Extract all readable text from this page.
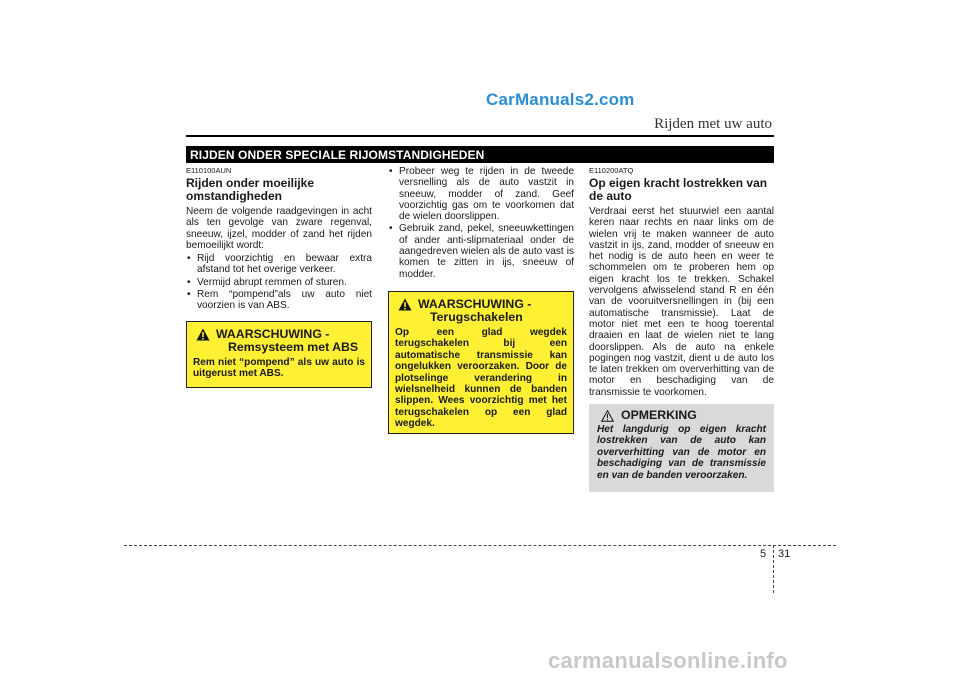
CarManuals2.com
Rijden met uw auto
RIJDEN ONDER SPECIALE RIJOMSTANDIGHEDEN
E110100AUN
Rijden onder moeilijke omstandigheden
Neem de volgende raadgevingen in acht als ten gevolge van zware regenval, sneeuw, ijzel, modder of zand het rijden bemoeilijkt wordt:
• Rijd voorzichtig en bewaar extra afstand tot het overige verkeer.
• Vermijd abrupt remmen of sturen.
• Rem “pompend”als uw auto niet voorzien is van ABS.
WAARSCHUWING -
Remsysteem met ABS
Rem niet “pompend” als uw auto is uitgerust met ABS.
• Probeer weg te rijden in de tweede versnelling als de auto vastzit in sneeuw, modder of zand. Geef voorzichtig gas om te voorkomen dat de wielen doorslippen.
• Gebruik zand, pekel, sneeuwkettingen of ander anti-slipmateriaal onder de aangedreven wielen als de auto vast is komen te zitten in ijs, sneeuw of modder.
WAARSCHUWING -
Terugschakelen
Op een glad wegdek terugschakelen bij een automatische transmissie kan ongelukken veroorzaken. Door de plotselinge verandering in wielsnelheid kunnen de banden slippen. Wees voorzichtig met het terugschakelen op een glad wegdek.
E110200ATQ
Op eigen kracht lostrekken van de auto
Verdraai eerst het stuurwiel een aantal keren naar rechts en naar links om de wielen vrij te maken wanneer de auto vastzit in ijs, zand, modder of sneeuw en het nodig is de auto heen en weer te schommelen om te proberen hem op eigen kracht los te trekken. Schakel vervolgens afwisselend stand R en één van de vooruitversnellingen in (bij een automatische transmissie). Laat de motor niet met een te hoog toerental draaien en laat de wielen niet te lang doorslippen. Als de auto na enkele pogingen nog vastzit, dient u de auto los te laten trekken om oververhitting van de motor en beschadiging van de transmissie te voorkomen.
OPMERKING
Het langdurig op eigen kracht lostrekken van de auto kan oververhitting van de motor en beschadiging van de transmissie en van de banden veroorzaken.
5 31
carmanualsonline.info
